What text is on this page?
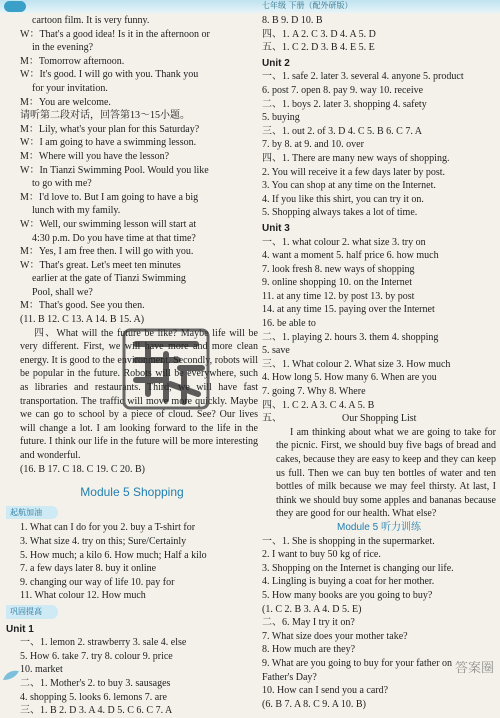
七年级 下册（配外研版）
cartoon film. It is very funny.
W：That's a good idea! Is it in the afternoon or
in the evening?
M：Tomorrow afternoon.
W：It's good. I will go with you. Thank you
for your invitation.
M：You are welcome.
请听第二段对话，回答第13～15小题。
M：Lily, what's your plan for this Saturday?
W：I am going to have a swimming lesson.
M：Where will you have the lesson?
W：In Tianzi Swimming Pool. Would you like
to go with me?
M：I'd love to. But I am going to have a big
lunch with my family.
W：Well, our swimming lesson will start at
4:30 p.m. Do you have time at that time?
M：Yes, I am free then. I will go with you.
W：That's great. Let's meet ten minutes
earlier at the gate of Tianzi Swimming
Pool, shall we?
M：That's good. See you then.
(11. B 12. C 13. A 14. B 15. A)

四、What will the future be like? Maybe life will be very different. First, we will have more and more clean energy. It is good to the environment. Secondly, robots will be popular in the future. Robots will be everywhere, such as libraries and restaurants. Third, we will have fast transportation. The traffic will move more quickly. Maybe we can go to school by a piece of cloud. See? Our lives will change a lot. I am looking forward to the life in the future. I think our life in the future will be more interesting and wonderful.

(16. B 17. C 18. C 19. C 20. B)
Module 5 Shopping
起航加油
1. What can I do for you 2. buy a T-shirt for
3. What size 4. try on this; Sure/Certainly
5. How much; a kilo 6. How much; Half a kilo
7. a few days later 8. buy it online
9. changing our way of life 10. pay for
11. What colour 12. How much
巩固提高
Unit 1
一、1. lemon 2. strawberry 3. sale 4. else
5. How 6. take 7. try 8. colour 9. price
10. market
二、1. Mother's 2. to buy 3. sausages
4. shopping 5. looks 6. lemons 7. are
三、1. B 2. D 3. A 4. D 5. C 6. C 7. A
8. B 9. D 10. B
四、1. A 2. C 3. D 4. A 5. D
五、1. C 2. D 3. B 4. E 5. E
Unit 2
一、1. safe 2. later 3. several 4. anyone 5. product
6. post 7. open 8. pay 9. way 10. receive
二、1. boys 2. later 3. shopping 4. safety
5. buying
三、1. out 2. of 3. D 4. C 5. B 6. C 7. A
7. by 8. at 9. and 10. over
四、1. There are many new ways of shopping.
2. You will receive it a few days later by post.
3. You can shop at any time on the Internet.
4. If you like this shirt, you can try it on.
5. Shopping always takes a lot of time.
Unit 3
一、1. what colour 2. what size 3. try on
4. want a moment 5. half price 6. how much
7. look fresh 8. new ways of shopping
9. online shopping 10. on the Internet
11. at any time 12. by post 13. by post
14. at any time 15. paying over the Internet
16. be able to
二、1. playing 2. hours 3. them 4. shopping
5. save
三、1. What colour 2. What size 3. How much
4. How long 5. How many 6. When are you
7. going 7. Why 8. Where
四、1. C 2. A 3. C 4. A 5. B
五、	Our Shopping List

I am thinking about what we are going to take for the picnic. First, we should buy five bags of bread and cakes, because they are easy to keep and they can keep us full. Then we can buy ten bottles of water and ten bottles of milk because we may feel thirsty. At last, I think we should buy some apples and bananas because they are good for our health. What else?

Module 5 听力训练
一、1. She is shopping in the supermarket.
2. I want to buy 50 kg of rice.
3. Shopping on the Internet is changing our life.
4. Lingling is buying a coat for her mother.
5. How many books are you going to buy?
(1. C 2. B 3. A 4. D 5. E)
二、6. May I try it on?
7. What size does your mother take?
8. How much are they?
9. What are you going to buy for your father on
Father's Day?
10. How can I send you a card?
(6. B 7. A 8. C 9. A 10. B)
答案圈
